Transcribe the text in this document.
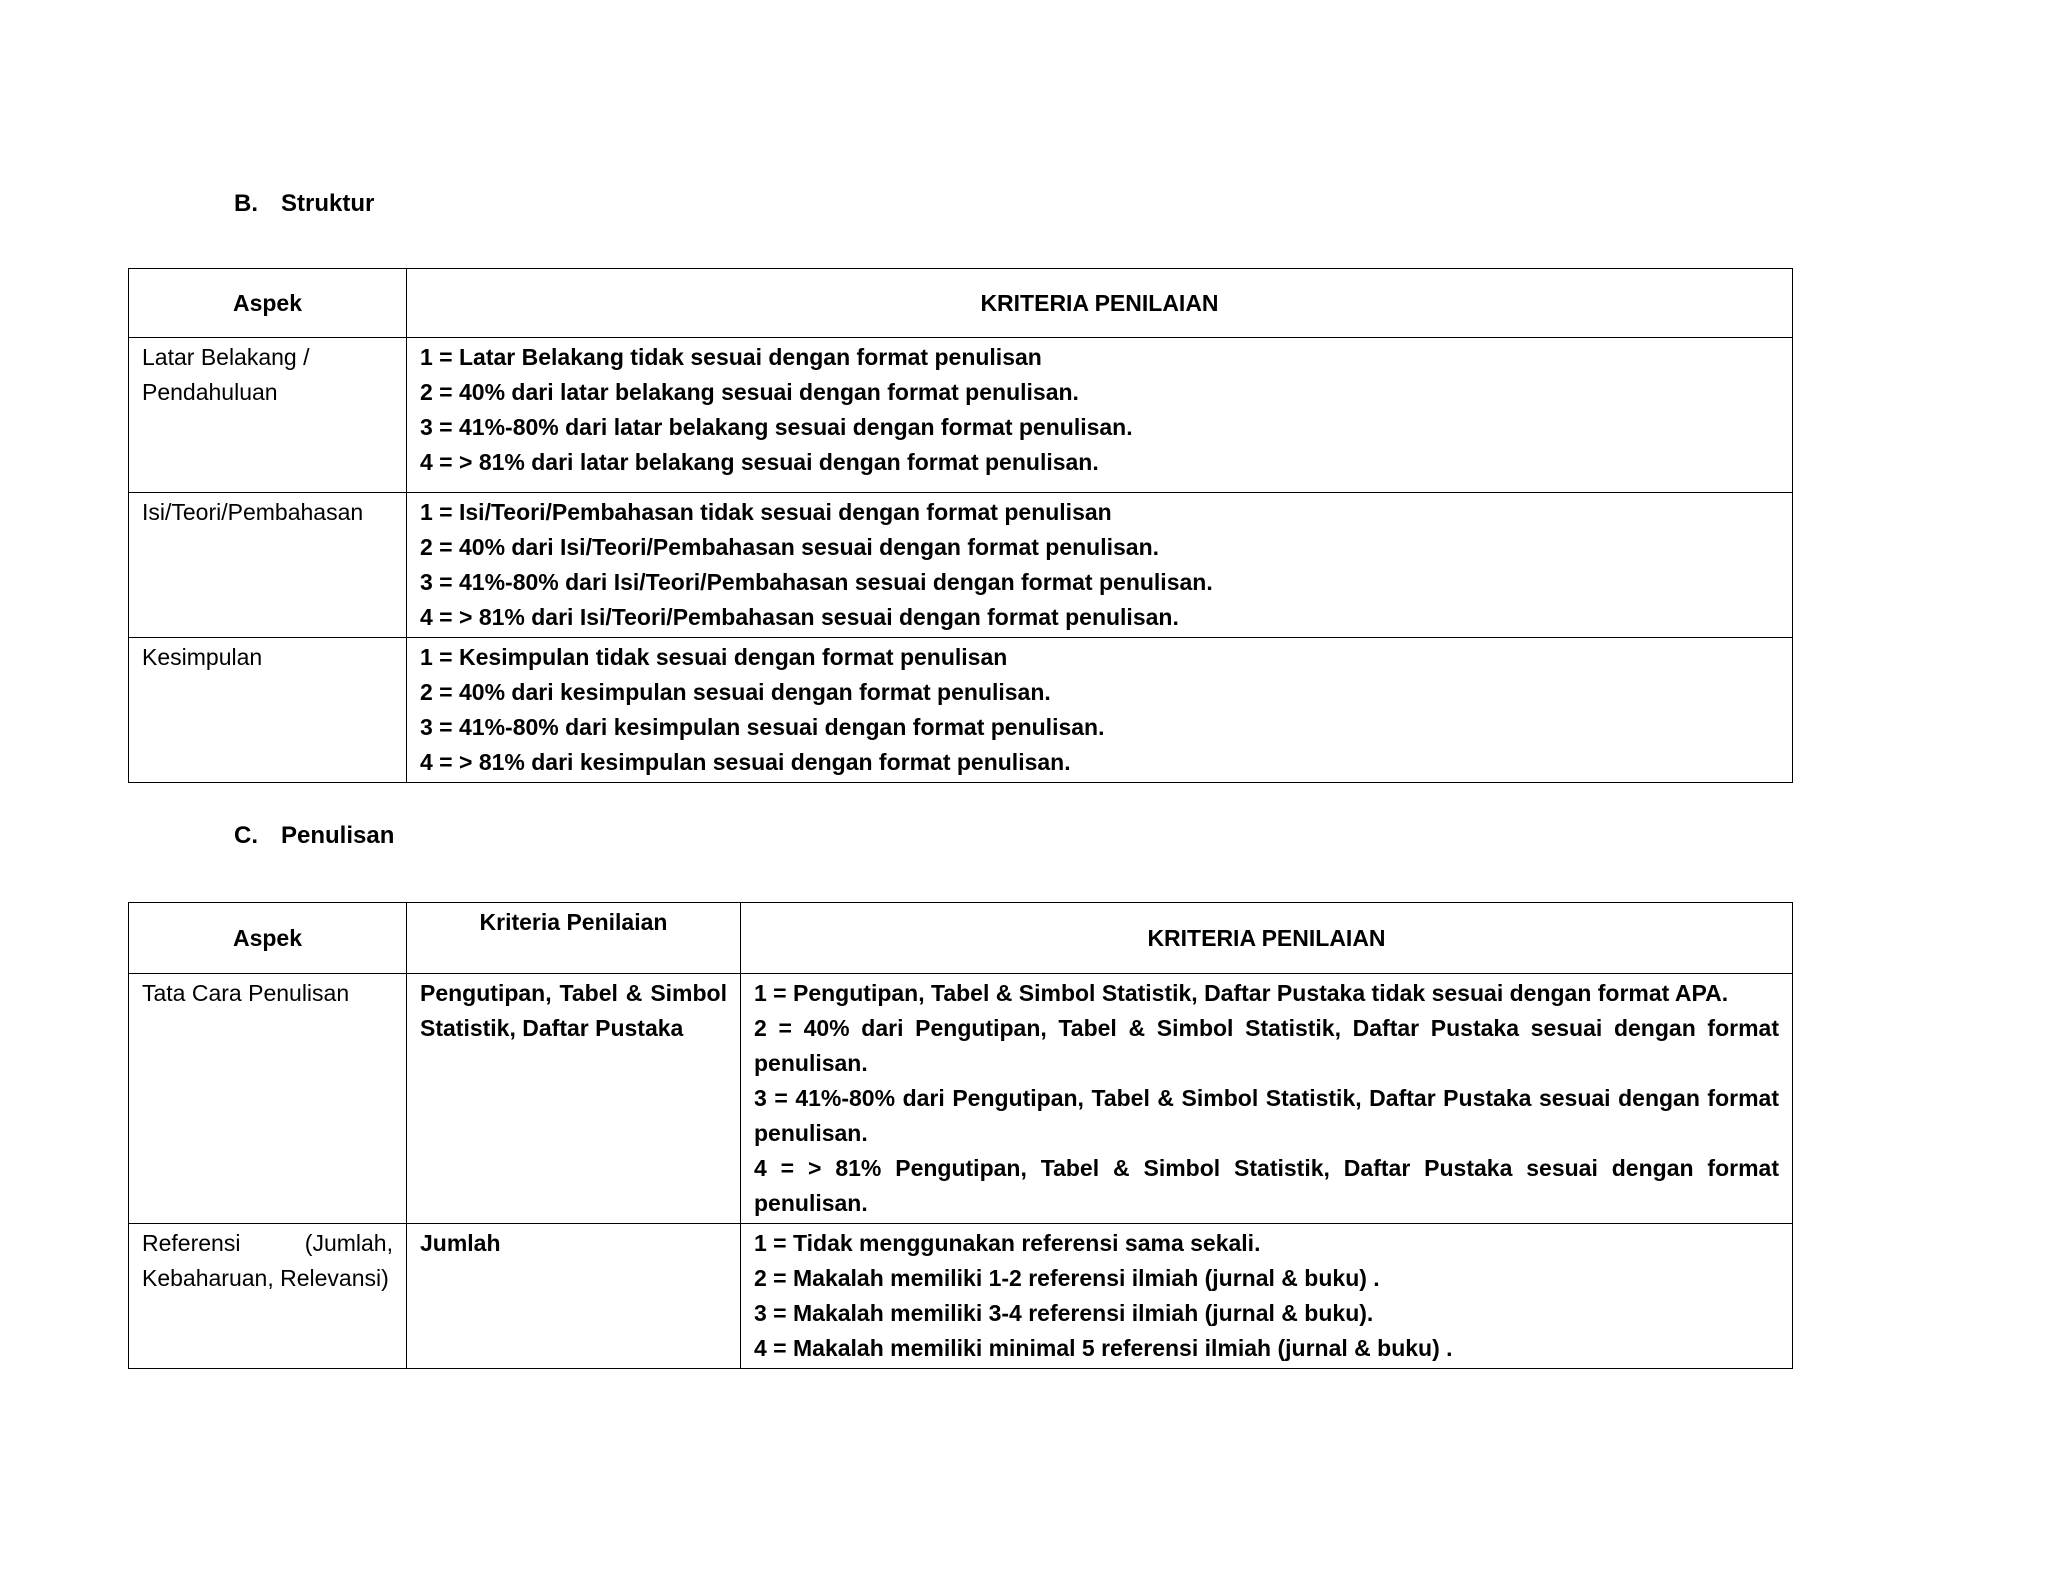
B. Struktur
Aspek	KRITERIA PENILAIAN
Latar Belakang / Pendahuluan	1 = Latar Belakang tidak sesuai dengan format penulisan
2 = 40% dari latar belakang sesuai dengan format penulisan.
3 = 41%-80% dari latar belakang sesuai dengan format penulisan.
4 = > 81% dari latar belakang sesuai dengan format penulisan.

Isi/Teori/Pembahasan	1 = Isi/Teori/Pembahasan tidak sesuai dengan format penulisan
2 = 40% dari Isi/Teori/Pembahasan sesuai dengan format penulisan.
3 = 41%-80% dari Isi/Teori/Pembahasan sesuai dengan format penulisan.
4 = > 81% dari Isi/Teori/Pembahasan sesuai dengan format penulisan.

Kesimpulan	1 = Kesimpulan tidak sesuai dengan format penulisan
2 = 40% dari kesimpulan sesuai dengan format penulisan.
3 = 41%-80% dari kesimpulan sesuai dengan format penulisan.
4 = > 81% dari kesimpulan sesuai dengan format penulisan.
C. Penulisan
Aspek	Kriteria Penilaian	KRITERIA PENILAIAN
Tata Cara Penulisan	Pengutipan, Tabel & Simbol Statistik, Daftar Pustaka	1 = Pengutipan, Tabel & Simbol Statistik, Daftar Pustaka tidak sesuai dengan format APA.
2 = 40% dari Pengutipan, Tabel & Simbol Statistik, Daftar Pustaka sesuai dengan format penulisan.
3 = 41%-80% dari Pengutipan, Tabel & Simbol Statistik, Daftar Pustaka sesuai dengan format penulisan.
4 = > 81% Pengutipan, Tabel & Simbol Statistik, Daftar Pustaka sesuai dengan format penulisan.

Referensi (Jumlah, Kebaharuan, Relevansi)	Jumlah	1 = Tidak menggunakan referensi sama sekali.
2 = Makalah memiliki 1-2 referensi ilmiah (jurnal & buku) .
3 = Makalah memiliki 3-4 referensi ilmiah (jurnal & buku).
4 = Makalah memiliki minimal 5 referensi ilmiah (jurnal & buku) .
